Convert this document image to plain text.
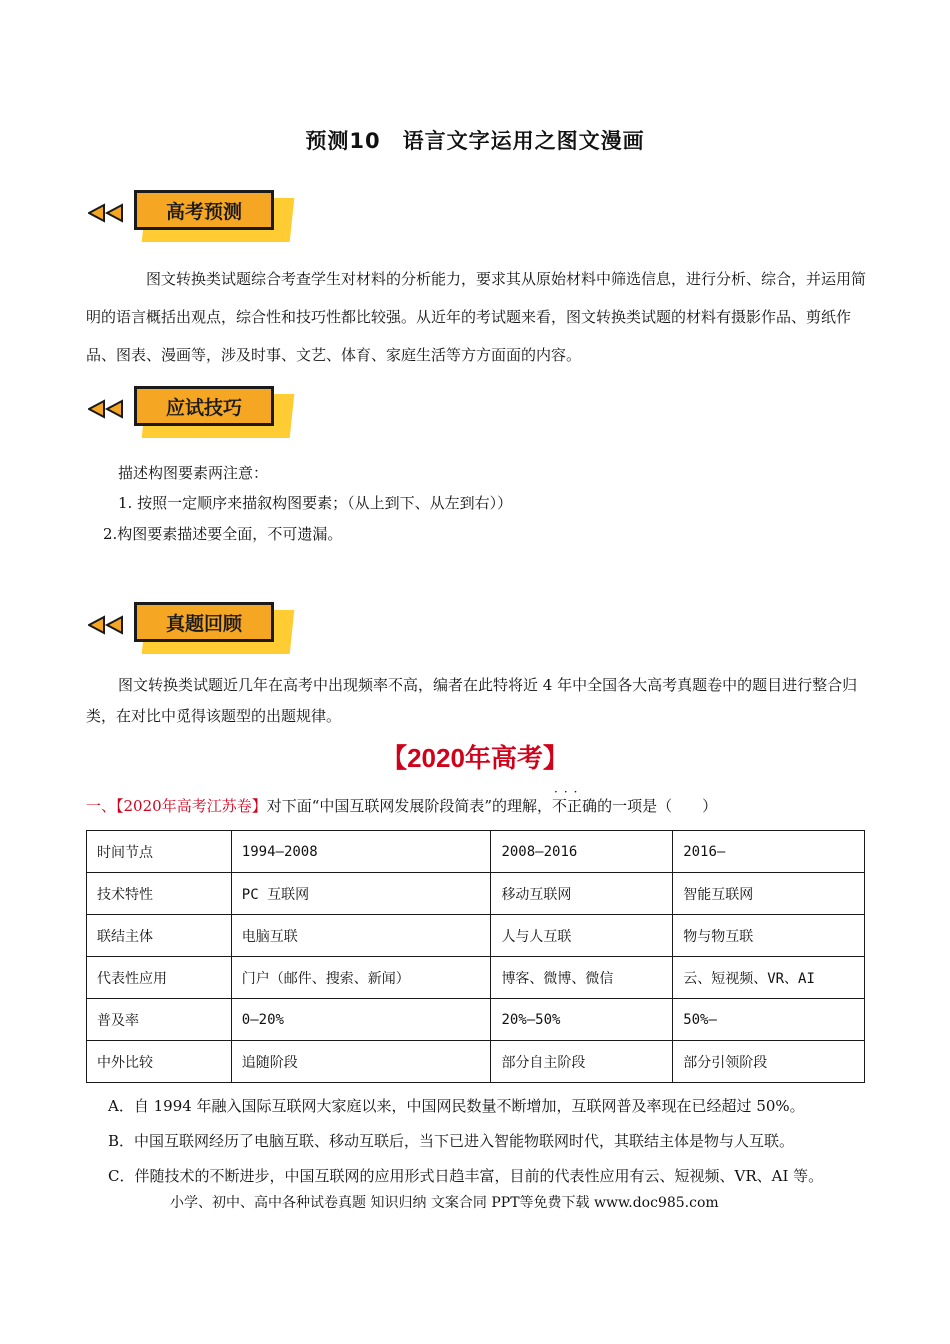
预测10　语言文字运用之图文漫画
高考预测
图文转换类试题综合考查学生对材料的分析能力，要求其从原始材料中筛选信息，进行分析、综合，并运用简明的语言概括出观点，综合性和技巧性都比较强。从近年的考试题来看，图文转换类试题的材料有摄影作品、剪纸作品、图表、漫画等，涉及时事、文艺、体育、家庭生活等方方面面的内容。
应试技巧
描述构图要素两注意：
1. 按照一定顺序来描叙构图要素；（从上到下、从左到右））
2.构图要素描述要全面，不可遗漏。
真题回顾
图文转换类试题近几年在高考中出现频率不高，编者在此特将近 4 年中全国各大高考真题卷中的题目进行整合归类，在对比中觅得该题型的出题规律。
【2020年高考】
一、【2020年高考江苏卷】对下面“中国互联网发展阶段简表”的理解，
···
不正确的一项是（　　）
时间节点	1994—2008	2008—2016	2016—
技术特性	PC 互联网	移动互联网	智能互联网
联结主体	电脑互联	人与人互联	物与物互联
代表性应用	门户（邮件、搜索、新闻）	博客、微博、微信	云、短视频、VR、AI
普及率	0—20%	20%—50%	50%—
中外比较	追随阶段	部分自主阶段	部分引领阶段
A．自 1994 年融入国际互联网大家庭以来，中国网民数量不断增加，互联网普及率现在已经超过 50%。
B．中国互联网经历了电脑互联、移动互联后，当下已进入智能物联网时代，其联结主体是物与人互联。
C．伴随技术的不断进步，中国互联网的应用形式日趋丰富，目前的代表性应用有云、短视频、VR、AI 等。
小学、初中、高中各种试卷真题 知识归纳 文案合同 PPT等免费下载 www.doc985.com
